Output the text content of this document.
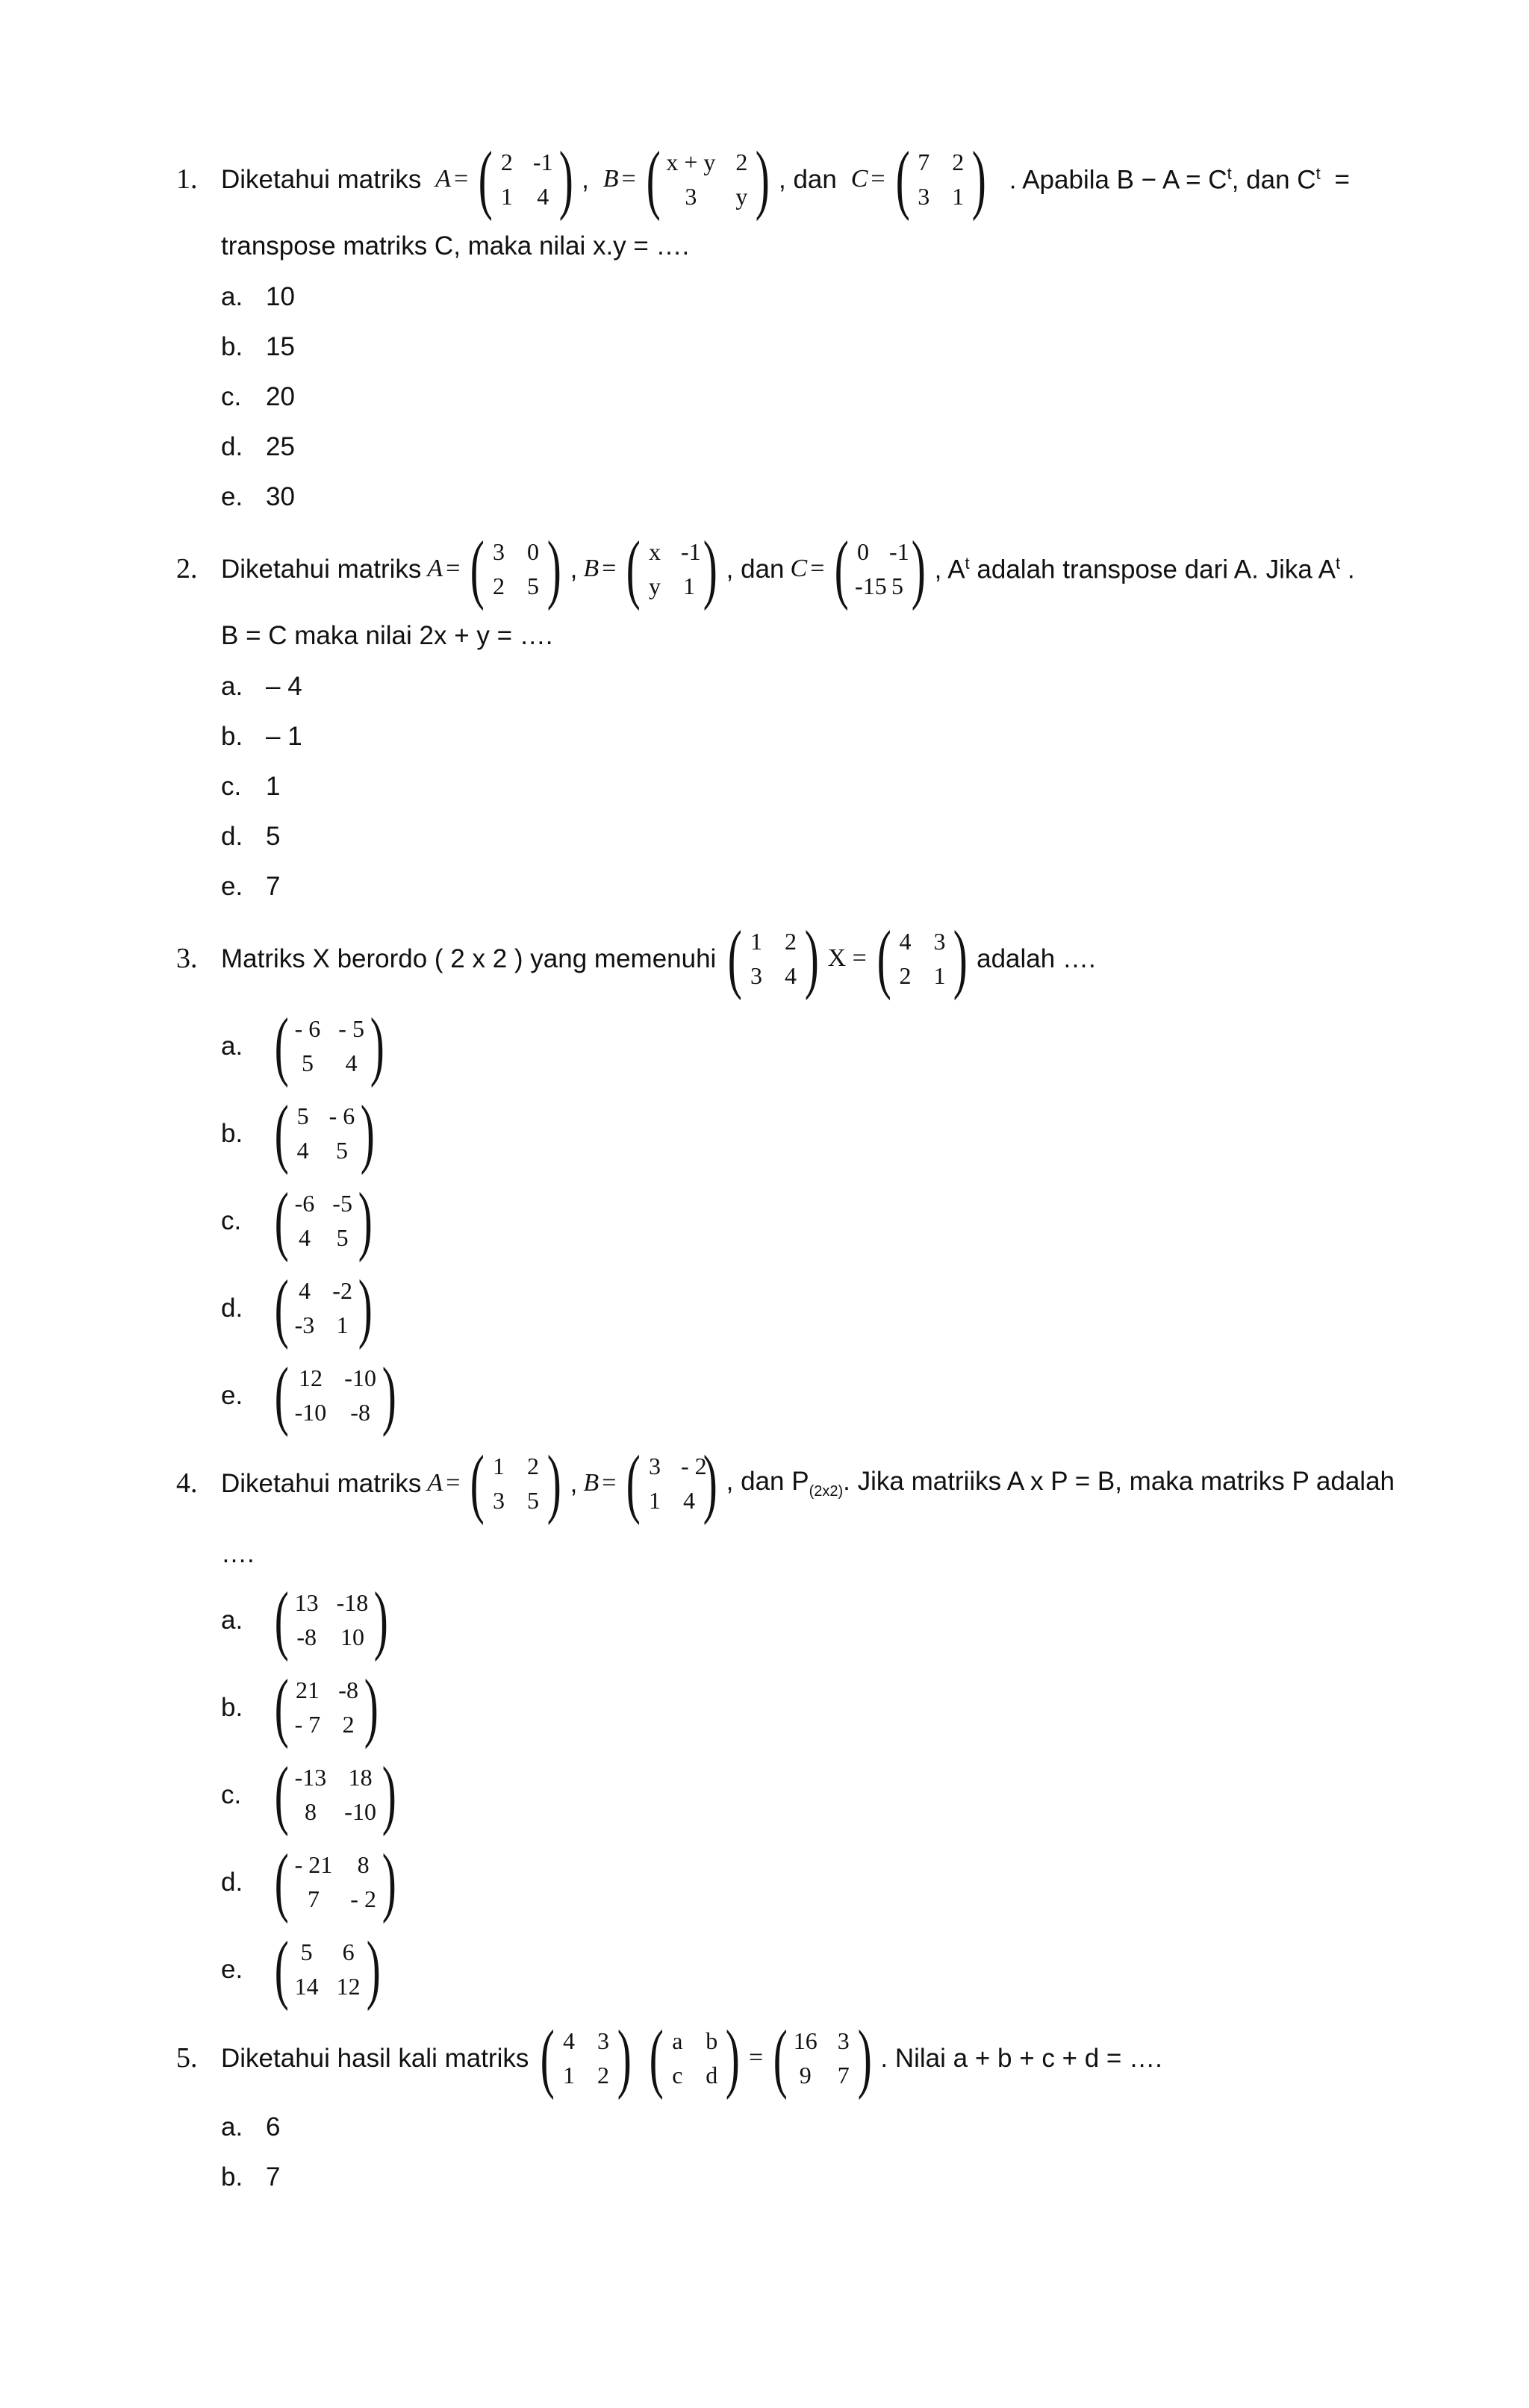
1. Diketahui matriks A = ( 2 -1
1 4 ) , B = ( x + y 2
3	y ) , dan C = ( 7 2
3 1 ) . Apabila $B - A = C^t$, dan $C^t$ =
transpose matriks C, maka nilai x.y = ….
a. 10
b. 15
c. 20
d. 25
e. 30
2. Diketahui matriks A = ( 3 0
2 5 ) , B = ( x -1
y 1 ) , dan C = ( 0 -1
-15 5 ) , $A^t$ adalah transpose dari A. Jika $A^t$ .
B = C maka nilai 2x + y = ….
a. – 4
b. – 1
c. 1
d. 5
e. 7
3. Matriks X berordo ( 2 x 2 ) yang memenuhi ( 1 2
3 4 ) X = ( 4 3
2 1 ) adalah ….
a. ( - 6 - 5
5 4 )
b. ( 5 - 6
4 5 )
c. ( -6 -5
4 5 )
d. ( 4 -2
-3 1 )
e. ( 12 -10
-10 -8 )
4. Diketahui matriks A = ( 1 2
3 5 ) , B = ( 3 - 2
1 4 ) , dan $P_{(2x2)}$. Jika matriiks A x P = B, maka matriks P adalah
….
a. ( 13 -18
-8 10 )
b. ( 21 -8
- 7 2 )
c. ( -13 18
8	-10 )
d. ( - 21 8
7	- 2 )
e. ( 5 6
14 12 )
5. Diketahui hasil kali matriks ( 4 3
1 2 ) ( a b
c d ) = ( 16 3
9 7 ) . Nilai a + b + c + d = ….
a. 6
b. 7
